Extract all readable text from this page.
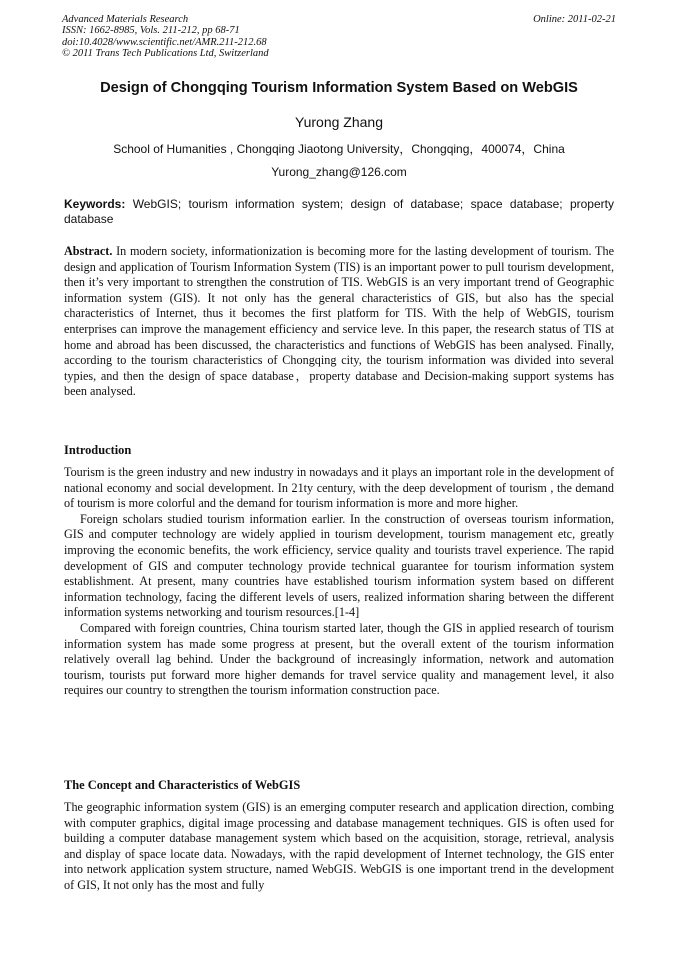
Advanced Materials Research
ISSN: 1662-8985, Vols. 211-212, pp 68-71
doi:10.4028/www.scientific.net/AMR.211-212.68
© 2011 Trans Tech Publications Ltd, Switzerland
Online: 2011-02-21
Design of Chongqing Tourism Information System Based on WebGIS
Yurong Zhang
School of Humanities , Chongqing Jiaotong University，Chongqing，400074，China
Yurong_zhang@126.com
Keywords: WebGIS; tourism information system; design of database; space database; property database

Abstract. In modern society, informationization is becoming more for the lasting development of tourism. The design and application of Tourism Information System (TIS) is an important power to pull tourism development, then it’s very important to strengthen the constrution of TIS. WebGIS is an very important trend of Geographic information system (GIS). It not only has the general characteristics of GIS, but also has the special characteristics of Internet, thus it becomes the first platform for TIS. With the help of WebGIS, tourism enterprises can improve the management efficiency and service leve. In this paper, the research status of TIS at home and abroad has been discussed, the characteristics and functions of WebGIS has been analysed. Finally, according to the tourism characteristics of Chongqing city, the tourism information was divided into several typies, and then the design of space database，property database and Decision-making support systems has been analysed.

Introduction

Tourism is the green industry and new industry in nowadays and it plays an important role in the development of national economy and social development. In 21ty century, with the deep development of tourism , the demand of tourism is more colorful and the demand for tourism information is more and more higher.

Foreign scholars studied tourism information earlier. In the construction of overseas tourism information, GIS and computer technology are widely applied in tourism development, tourism management etc, greatly improving the economic benefits, the work efficiency, service quality and tourists travel experience. The rapid development of GIS and computer technology provide technical guarantee for tourism information system establishment. At present, many countries have established tourism information system based on different information technology, facing the different levels of users, realized information sharing between the different information systems networking and tourism resources.[1-4]

Compared with foreign countries, China tourism started later, though the GIS in applied research of tourism information system has made some progress at present, but the overall extent of the tourism information relatively overall lag behind. Under the background of increasingly information, network and automation tourism, tourists put forward more higher demands for travel service quality and management level, it also requires our country to strengthen the tourism information construction pace.

The Concept and Characteristics of WebGIS

The geographic information system (GIS) is an emerging computer research and application direction, combing with computer graphics, digital image processing and database management techniques. GIS is often used for building a computer database management system which based on the acquisition, storage, retrieval, analysis and display of space locate data. Nowadays, with the rapid development of Internet technology, the GIS enter into network application system structure, named WebGIS. WebGIS is one important trend in the development of GIS, It not only has the most and fully
